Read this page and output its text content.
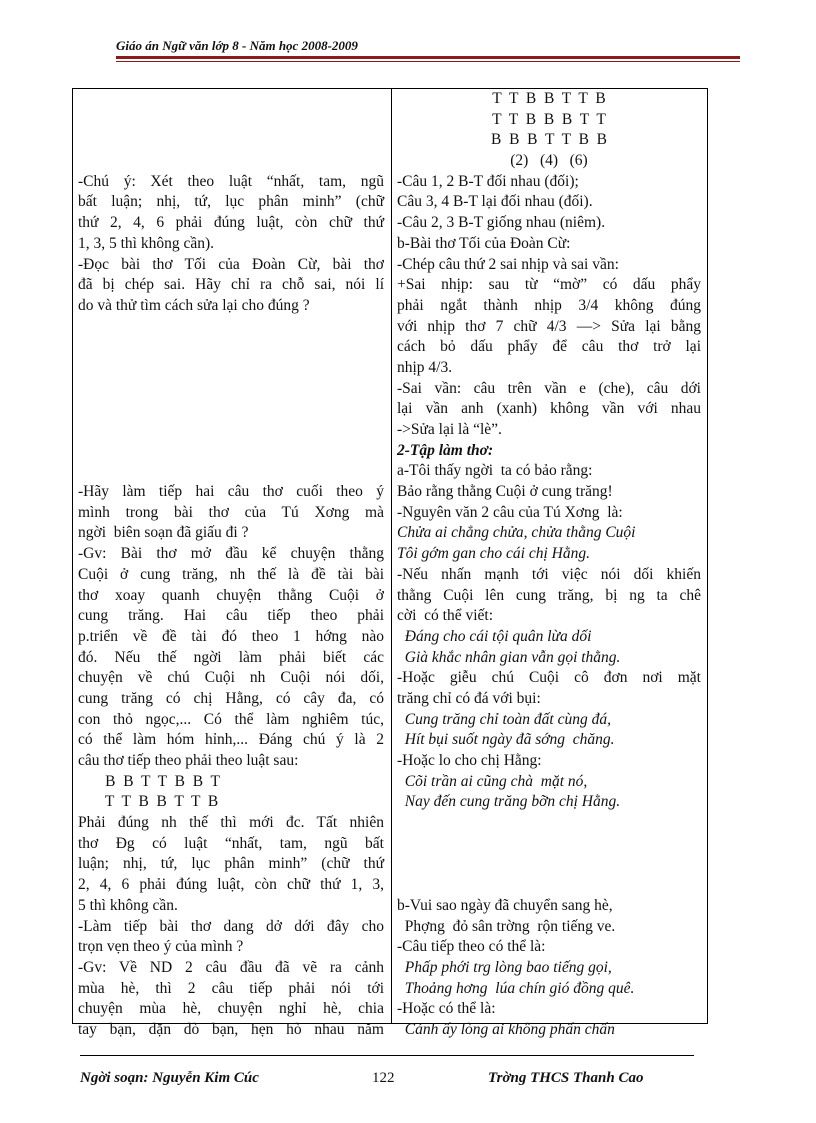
Giáo án Ngữ văn lớp 8 - Năm học 2008-2009
-Chú ý: Xét theo luật “nhất, tam, ngũ
bất luận; nhị, tứ, lục phân minh” (chữ
thứ 2, 4, 6 phải đúng luật, còn chữ thứ
1, 3, 5 thì không cần).
-Đọc bài thơ Tối của Đoàn Cừ, bài thơ
đã bị chép sai. Hãy chỉ ra chỗ sai, nói lí
do và thử tìm cách sửa lại cho đúng ?
-Hãy làm tiếp hai câu thơ cuối theo ý
mình trong bài thơ của Tú Xơng mà
ngời  biên soạn đã giấu đi ?
-Gv: Bài thơ mở đầu kể chuyện thằng
Cuội ở cung trăng, nh thế là đề tài bài
thơ xoay quanh chuyện thằng Cuội ở
cung trăng. Hai câu tiếp theo phải
p.triển về đề tài đó theo 1 hớng nào
đó. Nếu thế ngời làm phải biết các
chuyện về chú Cuội nh Cuội nói dối,
cung trăng có chị Hằng, có cây đa, có
con thỏ ngọc,... Có thể làm nghiêm túc,
có thể làm hóm hỉnh,... Đáng chú ý là 2
câu thơ tiếp theo phải theo luật sau:
B  B  T  T  B  B  T
T  T  B  B  T  T  B
Phải đúng nh thế thì mới đc. Tất nhiên
thơ Đg có luật “nhất, tam, ngũ bất
luận; nhị, tứ, lục phân minh” (chữ thứ
2, 4, 6 phải đúng luật, còn chữ thứ 1, 3,
5 thì không cần.
-Làm tiếp bài thơ dang dở dới đây cho
trọn vẹn theo ý của mình ?
-Gv: Về ND 2 câu đầu đã vẽ ra cảnh
mùa hè, thì 2 câu tiếp phải nói tới
chuyện mùa hè, chuyện nghỉ hè, chia
tay bạn, dặn dò bạn, hẹn hò nhau năm
T  T  B  B  T  T  B
T  T  B  B  B  T  T
B  B  B  T  T  B  B
(2)   (4)   (6)
-Câu 1, 2 B-T đối nhau (đối);
Câu 3, 4 B-T lại đối nhau (đối).
-Câu 2, 3 B-T giống nhau (niêm).
b-Bài thơ Tối của Đoàn Cừ:
-Chép câu thứ 2 sai nhịp và sai vần:
+Sai nhịp: sau từ “mờ” có dấu phẩy
phải ngắt thành nhịp 3/4 không đúng
với nhịp thơ 7 chữ 4/3 —> Sửa lại bằng
cách bỏ dấu phẩy để câu thơ trở lại
nhịp 4/3.
-Sai vần: câu trên vần e (che), câu dới
lại vần anh (xanh) không vần với nhau
->Sửa lại là “lè”.
2-Tập làm thơ:
a-Tôi thấy ngời  ta có bảo rằng:
Bảo rằng thằng Cuội ở cung trăng!
-Nguyên văn 2 câu của Tú Xơng  là:
Chửa ai chẳng chửa, chửa thằng Cuội
Tôi gớm gan cho cái chị Hằng.
-Nếu nhấn mạnh tới việc nói dối khiến
thằng Cuội lên cung trăng, bị ng ta chê
cời  có thể viết:
Đáng cho cái tội quân lừa dối
Già khắc nhân gian vẫn gọi thằng.
-Hoặc giễu chú Cuội cô đơn nơi mặt
trăng chỉ có đá với bụi:
Cung trăng chỉ toàn đất cùng đá,
Hít bụi suốt ngày đã sớng  chăng.
-Hoặc lo cho chị Hằng:
Cõi trần ai cũng chà  mặt nó,
Nay đến cung trăng bỡn chị Hằng.
b-Vui sao ngày đã chuyển sang hè,
Phợng  đỏ sân trờng  rộn tiếng ve.
-Câu tiếp theo có thể là:
Phấp phới trg lòng bao tiếng gọi,
Thoảng hơng  lúa chín gió đồng quê.
-Hoặc có thể là:
Cảnh ấy lòng ai không phấn chấn
Ngời soạn: Nguyễn Kim Cúc	122	Trờng THCS Thanh Cao
